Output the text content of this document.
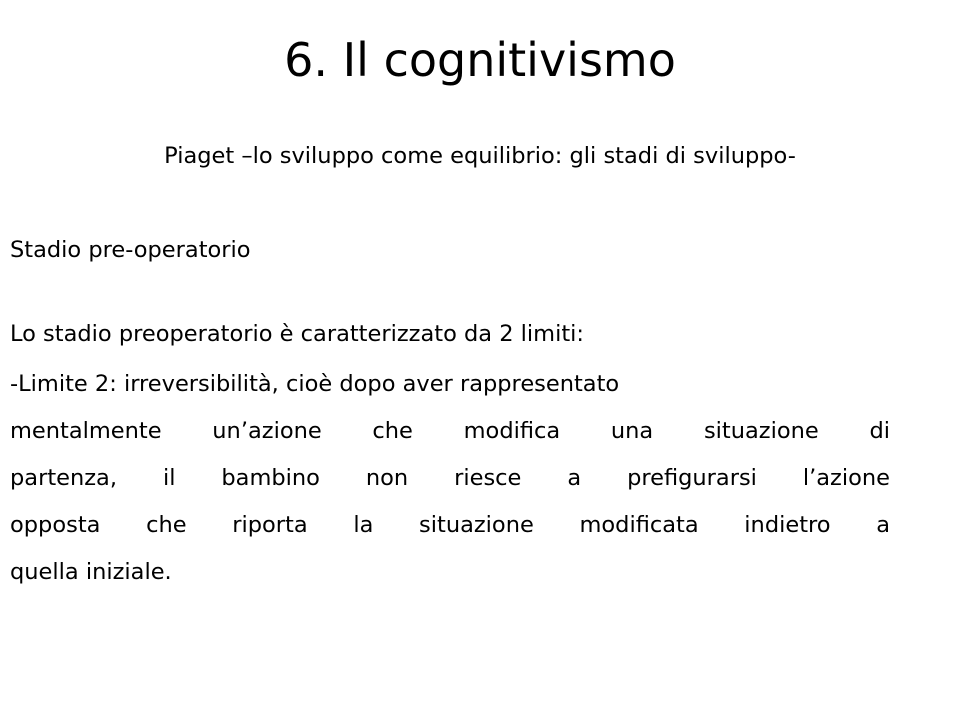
6. Il cognitivismo
Piaget –lo sviluppo come equilibrio: gli stadi di sviluppo-
Stadio pre-operatorio
Lo stadio preoperatorio è caratterizzato da 2 limiti:
-Limite 2: irreversibilità, cioè dopo aver rappresentato
mentalmente un’azione che modifica una situazione di
partenza, il bambino non riesce a prefigurarsi l’azione
opposta che riporta la situazione modificata indietro a
quella iniziale.
